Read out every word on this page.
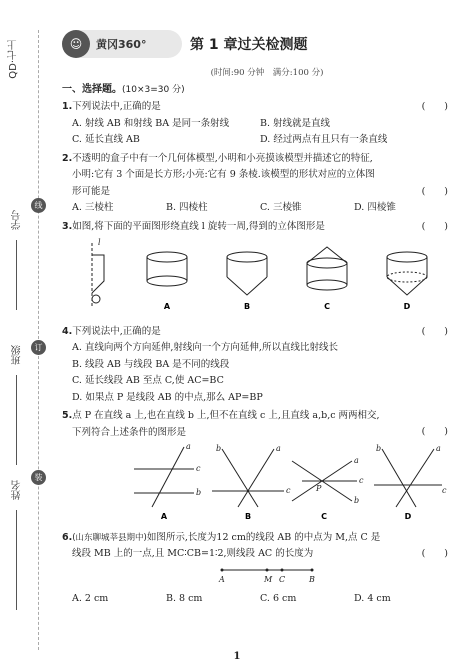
QD·七上
学号
班级
姓名
线
订
装
☺	黄冈360°	第 1 章过关检测题
(时间:90 分钟　满分:100 分)
一、选择题。(10×3=30 分)
1.下列说法中,正确的是	(　　)
A. 射线 AB 和射线 BA 是同一条射线	B. 射线就是直线
C. 延长直线 AB	D. 经过两点有且只有一条直线
2.不透明的盒子中有一个几何体模型,小明和小亮摸该模型并描述它的特征,
小明:它有 3 个面是长方形;小亮:它有 9 条棱.该模型的形状对应的立体图
形可能是	(　　)
A. 三棱柱	B. 四棱柱	C. 三棱锥	D. 四棱锥
3.如图,将下面的平面图形绕直线 l 旋转一周,得到的立体图形是	(　　)
l
A	B	C	D
4.下列说法中,正确的是	(　　)
A. 直线向两个方向延伸,射线向一个方向延伸,所以直线比射线长
B. 线段 AB 与线段 BA 是不同的线段
C. 延长线段 AB 至点 C,使 AC=BC
D. 如果点 P 是线段 AB 的中点,那么 AP=BP
5.点 P 在直线 a 上,也在直线 b 上,但不在直线 c 上,且直线 a,b,c 两两相交,
下列符合上述条件的图形是	(　　)
c
a
b
b	a
c
a
b
c
P
b	a
c
A	B	C	D
6.(山东聊城莘县期中)如图所示,长度为12 cm的线段 AB 的中点为 M,点 C 是
线段 MB 上的一点,且 MC∶CB=1∶2,则线段 AC 的长度为	(　　)
A	M C	B
A. 2 cm	B. 8 cm	C. 6 cm	D. 4 cm
1
